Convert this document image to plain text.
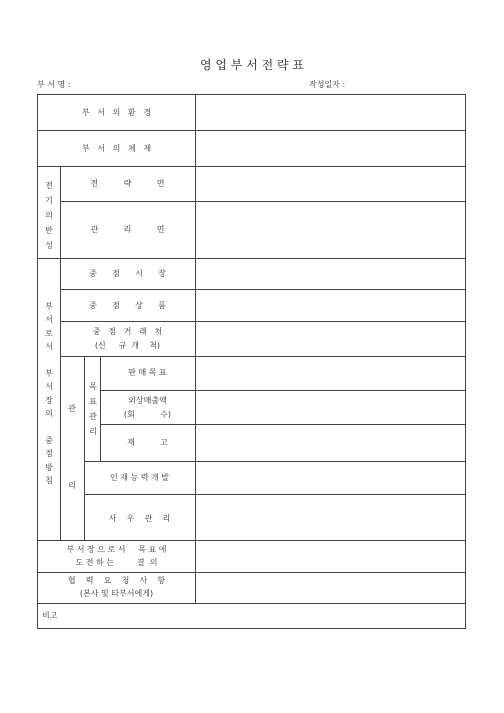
영 업 부 서 전 략 표
부 서 명 :	작성일자 :
부   서   의   환   경
부   서   의   체   제
전
기
의
반
성
전          략          면
관          리          면
부
서
로
서

부
서
장
의

중
점
방
침
중      점      시      장
중      점      상      품
중   점   거   래   처
(신     규  개    척)
관

리
목
표
관
리
판 매 목 표
외상매출액
(회          수)
재          고
인 재 능 력 개 발
사    우    관    리
부 서 장 으 로 서     목 표 에
도 전 하 는         결  의
협    력    요    청    사    항
(본사 및 타부서에게)
비고
